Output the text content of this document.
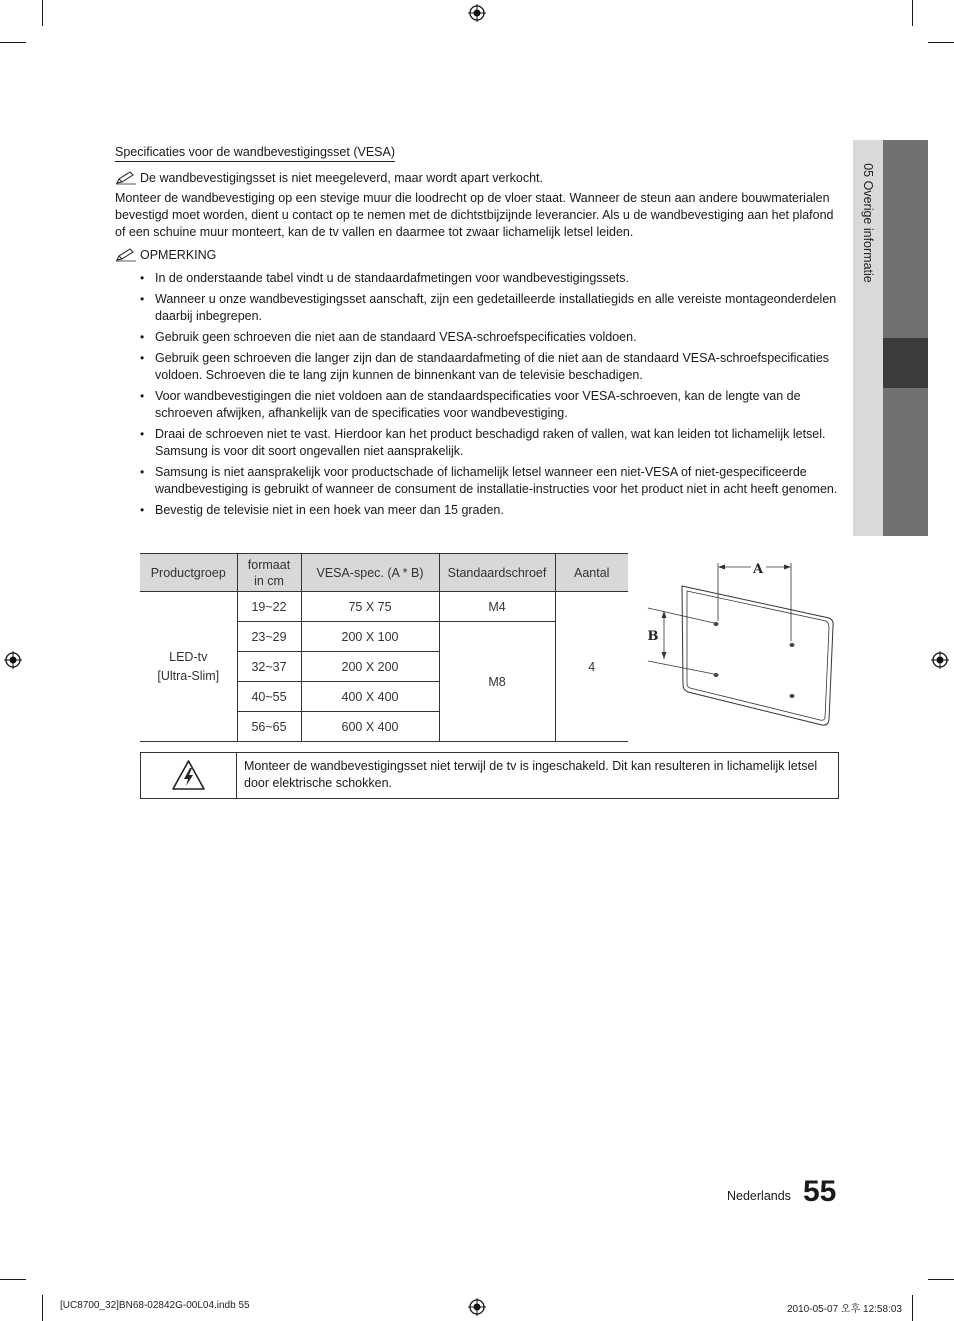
05 Overige informatie
Specificaties voor de wandbevestigingsset (VESA)
De wandbevestigingsset is niet meegeleverd, maar wordt apart verkocht.
Monteer de wandbevestiging op een stevige muur die loodrecht op de vloer staat. Wanneer de steun aan andere bouwmaterialen bevestigd moet worden, dient u contact op te nemen met de dichtstbijzijnde leverancier. Als u de wandbevestiging aan het plafond of een schuine muur monteert, kan de tv vallen en daarmee tot zwaar lichamelijk letsel leiden.
OPMERKING
• In de onderstaande tabel vindt u de standaardafmetingen voor wandbevestigingssets.
• Wanneer u onze wandbevestigingsset aanschaft, zijn een gedetailleerde installatiegids en alle vereiste montageonderdelen daarbij inbegrepen.
• Gebruik geen schroeven die niet aan de standaard VESA-schroefspecificaties voldoen.
• Gebruik geen schroeven die langer zijn dan de standaardafmeting of die niet aan de standaard VESA-schroefspecificaties voldoen. Schroeven die te lang zijn kunnen de binnenkant van de televisie beschadigen.
• Voor wandbevestigingen die niet voldoen aan de standaardspecificaties voor VESA-schroeven, kan de lengte van de schroeven afwijken, afhankelijk van de specificaties voor wandbevestiging.
• Draai de schroeven niet te vast. Hierdoor kan het product beschadigd raken of vallen, wat kan leiden tot lichamelijk letsel. Samsung is voor dit soort ongevallen niet aansprakelijk.
• Samsung is niet aansprakelijk voor productschade of lichamelijk letsel wanneer een niet-VESA of niet-gespecificeerde wandbevestiging is gebruikt of wanneer de consument de installatie-instructies voor het product niet in acht heeft genomen.
• Bevestig de televisie niet in een hoek van meer dan 15 graden.
Productgroep	formaat in cm	VESA-spec. (A * B)	Standaardschroef	Aantal
LED-tv [Ultra-Slim]	19~22	75 X 75	M4	4
	23~29	200 X 100	M8	
	32~37	200 X 200		
	40~55	400 X 400		
	56~65	600 X 400		
A
B
Monteer de wandbevestigingsset niet terwijl de tv is ingeschakeld. Dit kan resulteren in lichamelijk letsel door elektrische schokken.
Nederlands 55
[UC8700_32]BN68-02842G-00L04.indb 55	2010-05-07 오후 12:58:03
